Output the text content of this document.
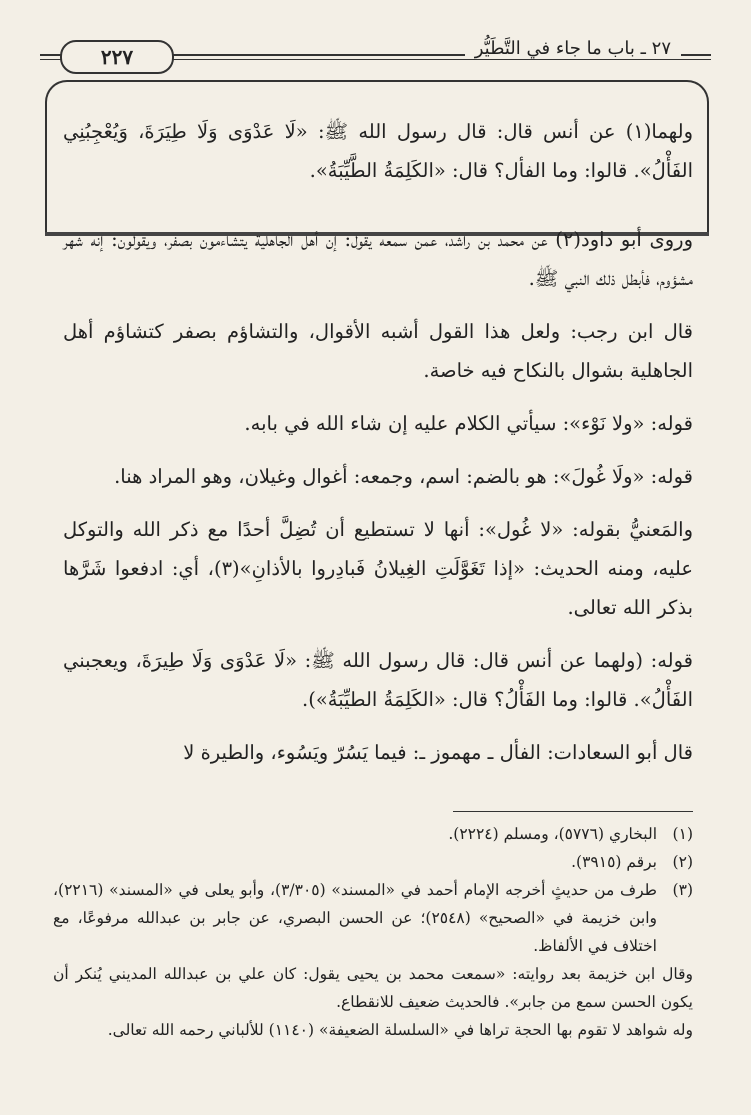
٢٢٧	٢٧ ـ باب ما جاء في التَّطَيُّر

ولهما(١) عن أنس قال: قال رسول الله ﷺ: «لَا عَدْوَى وَلَا طِيَرَةَ، وَيُعْجِبُنِي الفَأْلُ». قالوا: وما الفأل؟ قال: «الكَلِمَةُ الطَّيِّبَةُ».

وروى أبو داود(٢) عن محمد بن راشد، عمن سمعه يقول: إن أهل الجاهلية يتشاءمون بصفر، ويقولون: إنه شهر مشؤوم، فأبطل ذلك النبي ﷺ.

قال ابن رجب: ولعل هذا القول أشبه الأقوال، والتشاؤم بصفر كتشاؤم أهل الجاهلية بشوال بالنكاح فيه خاصة.

قوله: «ولا نَوْء»: سيأتي الكلام عليه إن شاء الله في بابه.

قوله: «ولَا غُولَ»: هو بالضم: اسم، وجمعه: أغوال وغيلان، وهو المراد هنا.

والمَعنيُّ بقوله: «لا غُول»: أنها لا تستطيع أن تُضِلَّ أحدًا مع ذكر الله والتوكل عليه، ومنه الحديث: «إذا تَغَوَّلَتِ الغِيلانُ فَبادِروا بالأذانِ»(٣)، أي: ادفعوا شَرَّها بذكر الله تعالى.

قوله: (ولهما عن أنس قال: قال رسول الله ﷺ: «لَا عَدْوَى وَلَا طِيرَةَ، ويعجبني الفَأْلُ». قالوا: وما الفَأْلُ؟ قال: «الكَلِمَةُ الطيِّبَةُ»).

قال أبو السعادات: الفأل ـ مهموز ـ: فيما يَسُرّ ويَسُوء، والطيرة لا

(١)
البخاري (٥٧٧٦)، ومسلم (٢٢٢٤).
(٢)
برقم (٣٩١٥).
(٣)
طرف من حديثٍ أخرجه الإمام أحمد في «المسند» (٣/٣٠٥)، وأبو يعلى في «المسند» (٢٢١٦)، وابن خزيمة في «الصحيح» (٢٥٤٨)؛ عن الحسن البصري، عن جابر بن عبدالله مرفوعًا، مع اختلاف في الألفاظ.
وقال ابن خزيمة بعد روايته: «سمعت محمد بن يحيى يقول: كان علي بن عبدالله المديني يُنكر أن يكون الحسن سمع من جابر». فالحديث ضعيف للانقطاع.
وله شواهد لا تقوم بها الحجة تراها في «السلسلة الضعيفة» (١١٤٠) للألباني رحمه الله تعالى.
